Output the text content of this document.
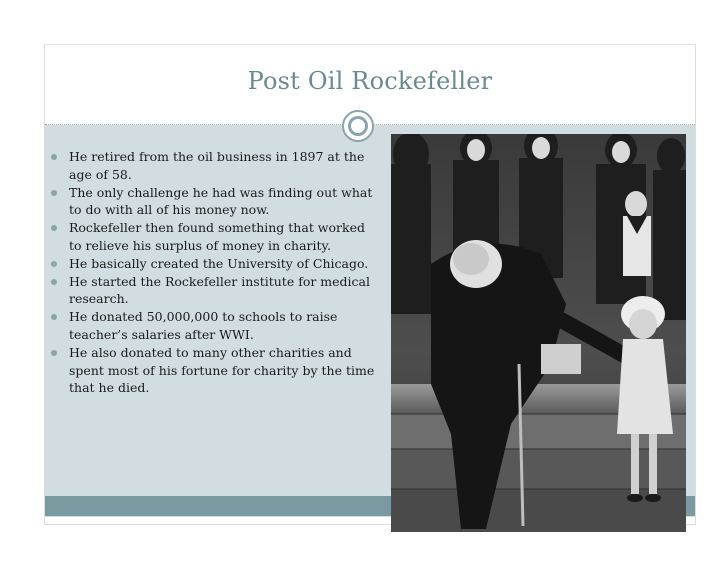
Post Oil Rockefeller
He retired from the oil business in 1897 at the age of 58.
The only challenge he had was finding out what to do with all of his money now.
Rockefeller then found something that worked to relieve his surplus of money in charity.
He basically created the University of Chicago.
He started the Rockefeller institute for medical research.
He donated 50,000,000 to schools to raise teacher’s salaries after WWI.
He also donated to many other charities and spent most of his fortune for charity by the time that he died.
